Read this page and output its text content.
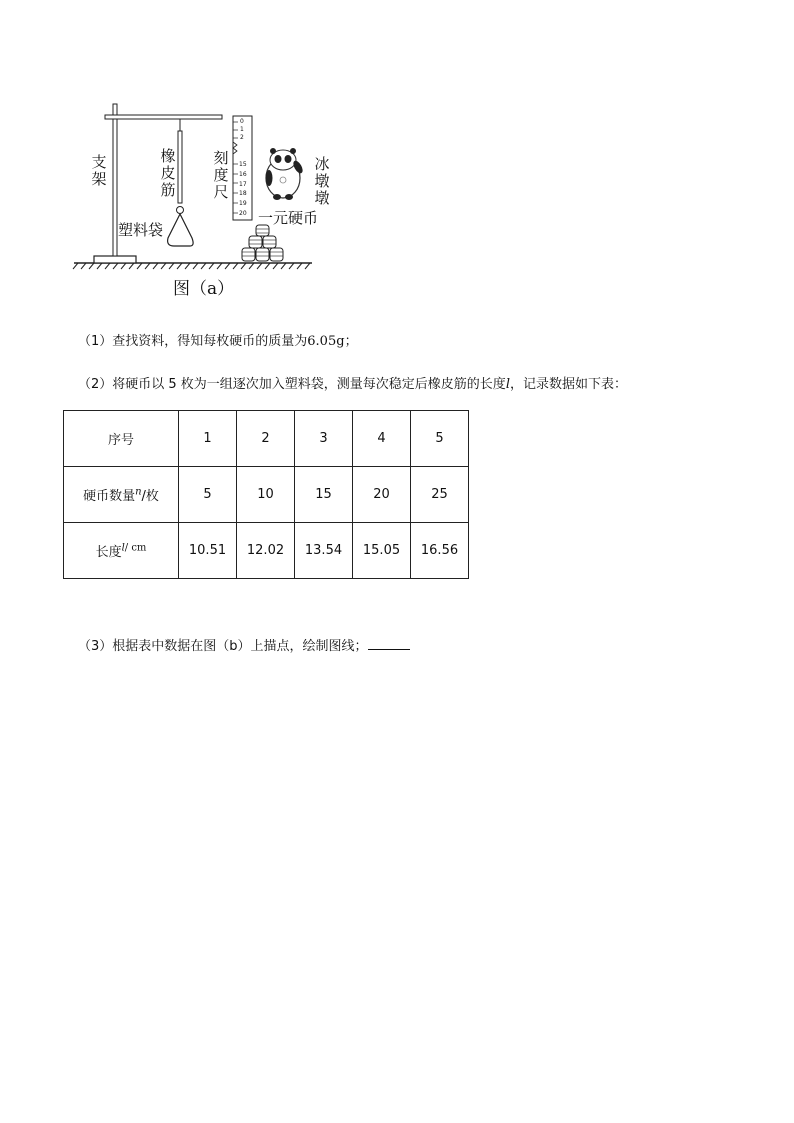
0
1
2
15
16
17
18
19
20
支架
橡皮筋
刻度尺
冰墩墩
塑料袋
一元硬币
图（a）
（1）查找资料，得知每枚硬币的质量为6.05g；
（2）将硬币以 5 枚为一组逐次加入塑料袋，测量每次稳定后橡皮筋的长度l，记录数据如下表：
序号	1	2	3	4	5
硬币数量$^n$/枚	5	10	15	20	25
长度$^{l/ cm}$	10.51	12.02	13.54	15.05	16.56
（3）根据表中数据在图（b）上描点，绘制图线；
